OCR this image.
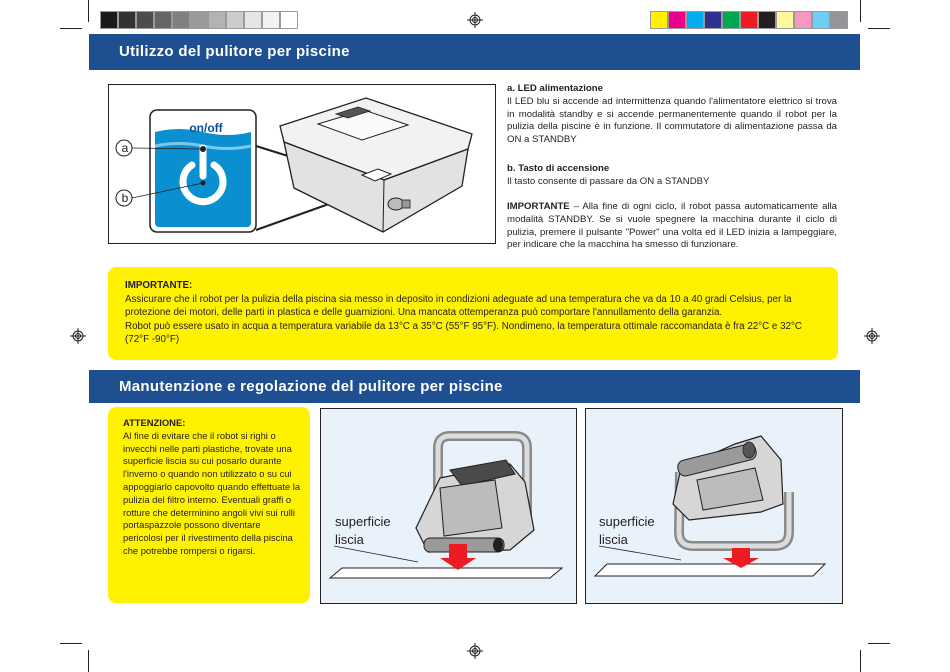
Utilizzo del pulitore per piscine
on/off
a
b
a. LED alimentazione
Il LED blu si accende ad intermittenza quando l'alimentatore elettrico si trova in modalità standby e si accende permanentemente quando il robot per la pulizia della piscine è in funzione. Il commutatore di alimentazione passa da ON a STANDBY
b. Tasto di accensione
Il tasto consente di passare da ON a STANDBY
IMPORTANTE – Alla fine di ogni ciclo, il robot passa automaticamente alla modalità STANDBY. Se si vuole spegnere la macchina durante il ciclo di pulizia, premere il pulsante "Power" una volta ed il LED inizia a lampeggiare, per indicare che la macchina ha smesso di funzionare.
IMPORTANTE:
Assicurare che il robot per la pulizia della piscina sia messo in deposito in condizioni adeguate ad una temperatura che va da 10 a 40 gradi Celsius, per la protezione dei motori, delle parti in plastica e delle guarnizioni. Una mancata ottemperanza può comportare l'annullamento della garanzia.
Robot può essere usato in acqua a temperatura variabile da 13°C a 35°C (55°F 95°F). Nondimeno, la temperatura ottimale raccomandata è fra 22°C e 32°C (72°F -90°F)
Manutenzione e regolazione del pulitore per piscine
ATTENZIONE:
Al fine di evitare che il robot si righi o invecchi nelle parti plastiche, trovate una superficie liscia su cui posarlo durante l'inverno o quando non utilizzato o su cui appoggiarlo capovolto quando effettuate la pulizia del filtro interno. Eventuali graffi o rotture che determinino angoli vivi sui rulli portaspazzole possono diventare pericolosi per il rivestimento della piscina che potrebbe rompersi o rigarsi.
superficie
liscia
superficie
liscia
